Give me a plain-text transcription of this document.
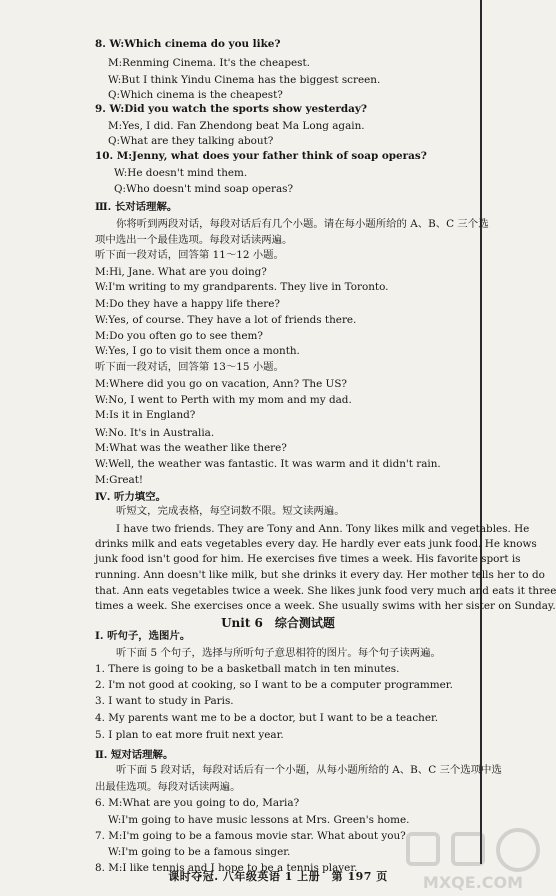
8. W:Which cinema do you like?
M:Renming Cinema. It's the cheapest.
W:But I think Yindu Cinema has the biggest screen.
Q:Which cinema is the cheapest?
9. W:Did you watch the sports show yesterday?
M:Yes, I did. Fan Zhendong beat Ma Long again.
Q:What are they talking about?
10. M:Jenny, what does your father think of soap operas?
W:He doesn't mind them.
Q:Who doesn't mind soap operas?
Ⅲ. 长对话理解。
你将听到两段对话，每段对话后有几个小题。请在每小题所给的 A、B、C 三个选
项中选出一个最佳选项。每段对话读两遍。
听下面一段对话，回答第 11～12 小题。
M:Hi, Jane. What are you doing?
W:I'm writing to my grandparents. They live in Toronto.
M:Do they have a happy life there?
W:Yes, of course. They have a lot of friends there.
M:Do you often go to see them?
W:Yes, I go to visit them once a month.
听下面一段对话，回答第 13～15 小题。
M:Where did you go on vacation, Ann? The US?
W:No, I went to Perth with my mom and my dad.
M:Is it in England?
W:No. It's in Australia.
M:What was the weather like there?
W:Well, the weather was fantastic. It was warm and it didn't rain.
M:Great!
Ⅳ. 听力填空。
听短文，完成表格，每空词数不限。短文读两遍。
I have two friends. They are Tony and Ann. Tony likes milk and vegetables. He
drinks milk and eats vegetables every day. He hardly ever eats junk food. He knows
junk food isn't good for him. He exercises five times a week. His favorite sport is
running. Ann doesn't like milk, but she drinks it every day. Her mother tells her to do
that. Ann eats vegetables twice a week. She likes junk food very much and eats it three
times a week. She exercises once a week. She usually swims with her sister on Sunday.
Ⅰ. 听句子，选图片。
听下面 5 个句子，选择与所听句子意思相符的图片。每个句子读两遍。
1. There is going to be a basketball match in ten minutes.
2. I'm not good at cooking, so I want to be a computer programmer.
3. I want to study in Paris.
4. My parents want me to be a doctor, but I want to be a teacher.
5. I plan to eat more fruit next year.
Ⅱ. 短对话理解。
听下面 5 段对话，每段对话后有一个小题，从每小题所给的 A、B、C 三个选项中选
出最佳选项。每段对话读两遍。
6. M:What are you going to do, Maria?
W:I'm going to have music lessons at Mrs. Green's home.
7. M:I'm going to be a famous movie star. What about you?
W:I'm going to be a famous singer.
8. M:I like tennis and I hope to be a tennis player.
Unit 6　综合测试题
课时夺冠. 八年级英语 1 上册　第 197 页	MXQE.COM
